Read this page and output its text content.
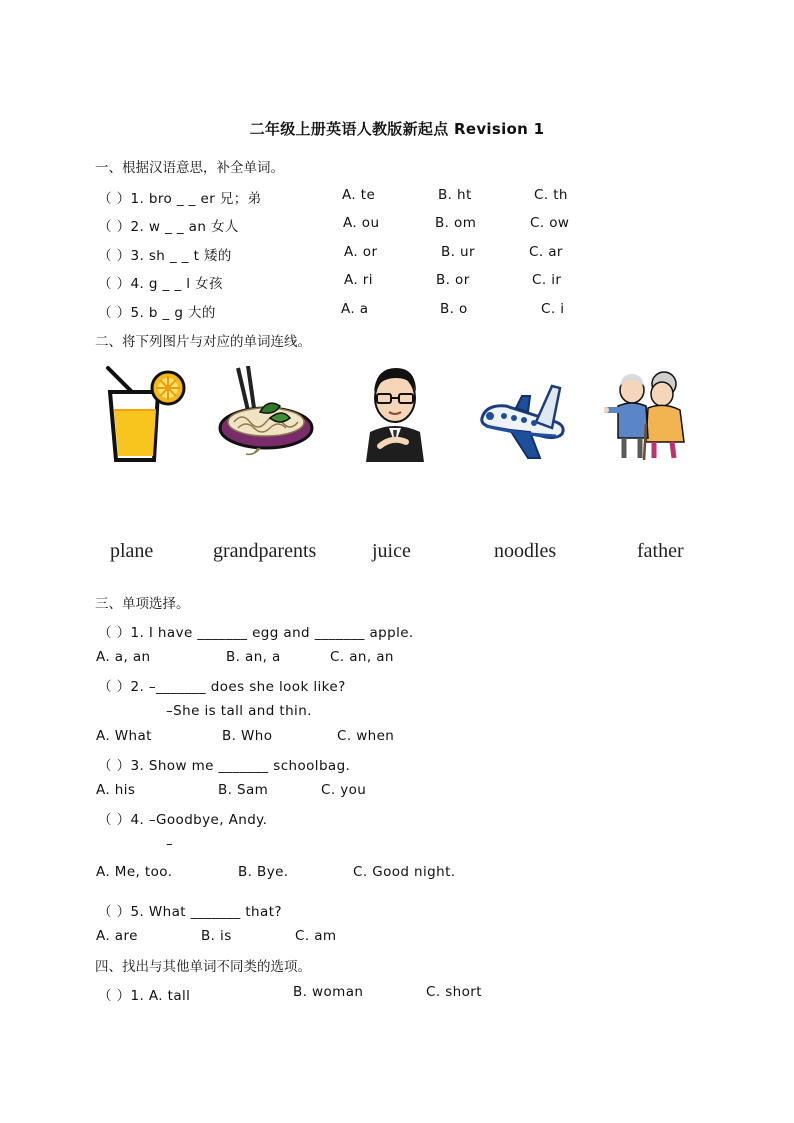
二年级上册英语人教版新起点 Revision 1
一、根据汉语意思，补全单词。
（ ）1. bro _ _ er 兄；弟	A. te	B. ht	C. th
（ ）2. w _ _ an 女人	A. ou	B. om	C. ow
（ ）3. sh _ _ t 矮的	A. or	B. ur	C. ar
（ ）4. g _ _ l 女孩	A. ri	B. or	C. ir
（ ）5. b _ g 大的	A. a	B. o	C. i
二、将下列图片与对应的单词连线。
plane	grandparents	juice	noodles	father
三、单项选择。
（ ）1. I have _______ egg and _______ apple.
A. a, an	B. an, a	C. an, an
（ ）2. –_______ does she look like?
–She is tall and thin.
A. What	B. Who	C. when
（ ）3. Show me _______ schoolbag.
A. his	B. Sam	C. you
（ ）4. –Goodbye, Andy.
–
A. Me, too.	B. Bye.	C. Good night.
（ ）5. What _______ that?
A. are	B. is	C. am
四、找出与其他单词不同类的选项。
（ ）1. A. tall	B. woman	C. short
